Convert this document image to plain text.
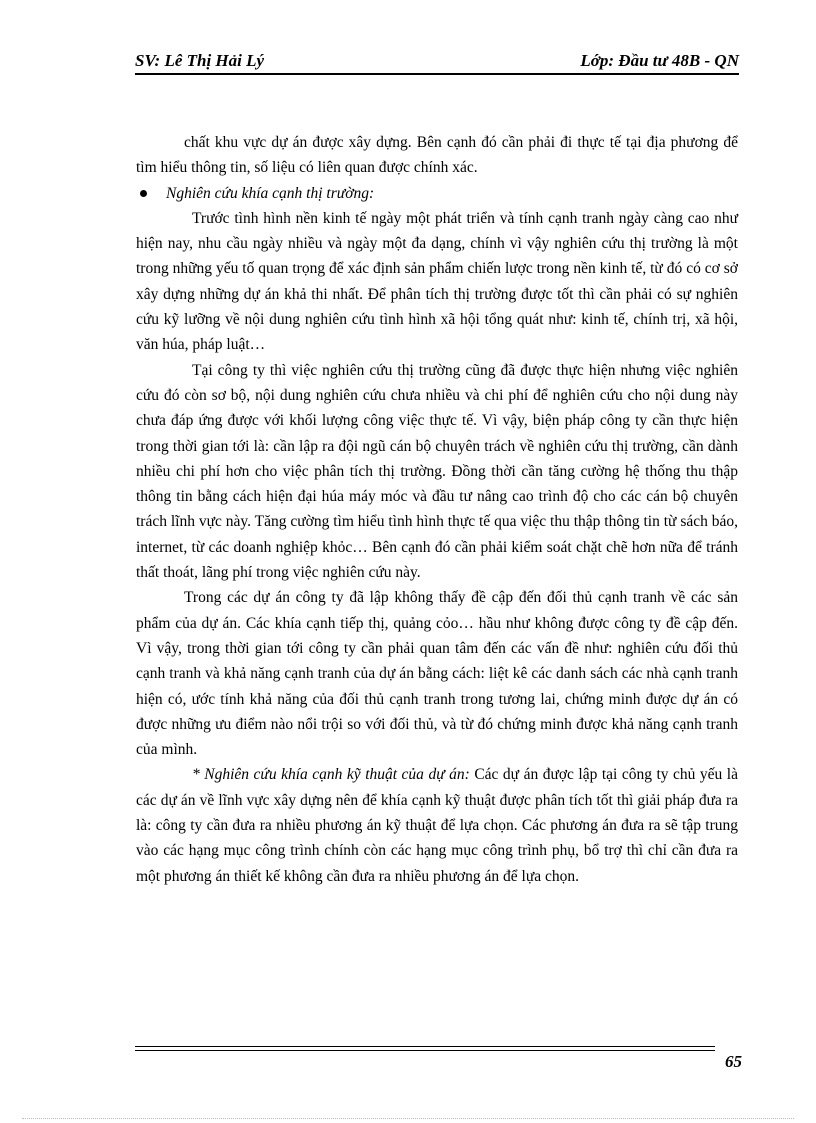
SV: Lê Thị Hải Lý	Lớp: Đầu tư 48B - QN

chất khu vực dự án được xây dựng. Bên cạnh đó cần phải đi thực tế tại địa phương để tìm hiểu thông tin, số liệu có liên quan được chính xác.

Nghiên cứu khía cạnh thị trường:

Trước tình hình nền kinh tế ngày một phát triển và tính cạnh tranh ngày càng cao như hiện nay, nhu cầu ngày nhiều và ngày một đa dạng, chính vì vậy nghiên cứu thị trường là một trong những yếu tố quan trọng để xác định sản phẩm chiến lược trong nền kinh tế, từ đó có cơ sở xây dựng những dự án khả thi nhất. Để phân tích thị trường được tốt thì cần phải có sự nghiên cứu kỹ lưỡng về nội dung nghiên cứu tình hình xã hội tổng quát như: kinh tế, chính trị, xã hội, văn húa, pháp luật…

Tại công ty thì việc nghiên cứu thị trường cũng đã được thực hiện nhưng việc nghiên cứu đó còn sơ bộ, nội dung nghiên cứu chưa nhiều và chi phí để nghiên cứu cho nội dung này chưa đáp ứng được với khối lượng công việc thực tế. Vì vậy, biện pháp công ty cần thực hiện trong thời gian tới là: cần lập ra đội ngũ cán bộ chuyên trách về nghiên cứu thị trường, cần dành nhiều chi phí hơn cho việc phân tích thị trường. Đồng thời cần tăng cường hệ thống thu thập thông tin bằng cách hiện đại húa máy móc và đầu tư nâng cao trình độ cho các cán bộ chuyên trách lĩnh vực này. Tăng cường tìm hiểu tình hình thực tế qua việc thu thập thông tin từ sách báo, internet, từ các doanh nghiệp khỏc… Bên cạnh đó cần phải kiểm soát chặt chẽ hơn nữa để tránh thất thoát, lãng phí trong việc nghiên cứu này.

Trong các dự án công ty đã lập không thấy đề cập đến đối thủ cạnh tranh về các sản phẩm của dự án. Các khía cạnh tiếp thị, quảng cỏo… hầu như không được công ty đề cập đến. Vì vậy, trong thời gian tới công ty cần phải quan tâm đến các vấn đề như: nghiên cứu đối thủ cạnh tranh và khả năng cạnh tranh của dự án bằng cách: liệt kê các danh sách các nhà cạnh tranh hiện có, ước tính khả năng của đối thủ cạnh tranh trong tương lai, chứng minh được dự án có được những ưu điểm nào nổi trội so với đối thủ, và từ đó chứng minh được khả năng cạnh tranh của mình.

* Nghiên cứu khía cạnh kỹ thuật của dự án: Các dự án được lập tại công ty chủ yếu là các dự án về lĩnh vực xây dựng nên để khía cạnh kỹ thuật được phân tích tốt thì giải pháp đưa ra là: công ty cần đưa ra nhiều phương án kỹ thuật để lựa chọn. Các phương án đưa ra sẽ tập trung vào các hạng mục công trình chính còn các hạng mục công trình phụ, bổ trợ thì chỉ cần đưa ra một phương án thiết kế không cần đưa ra nhiều phương án để lựa chọn.

65
